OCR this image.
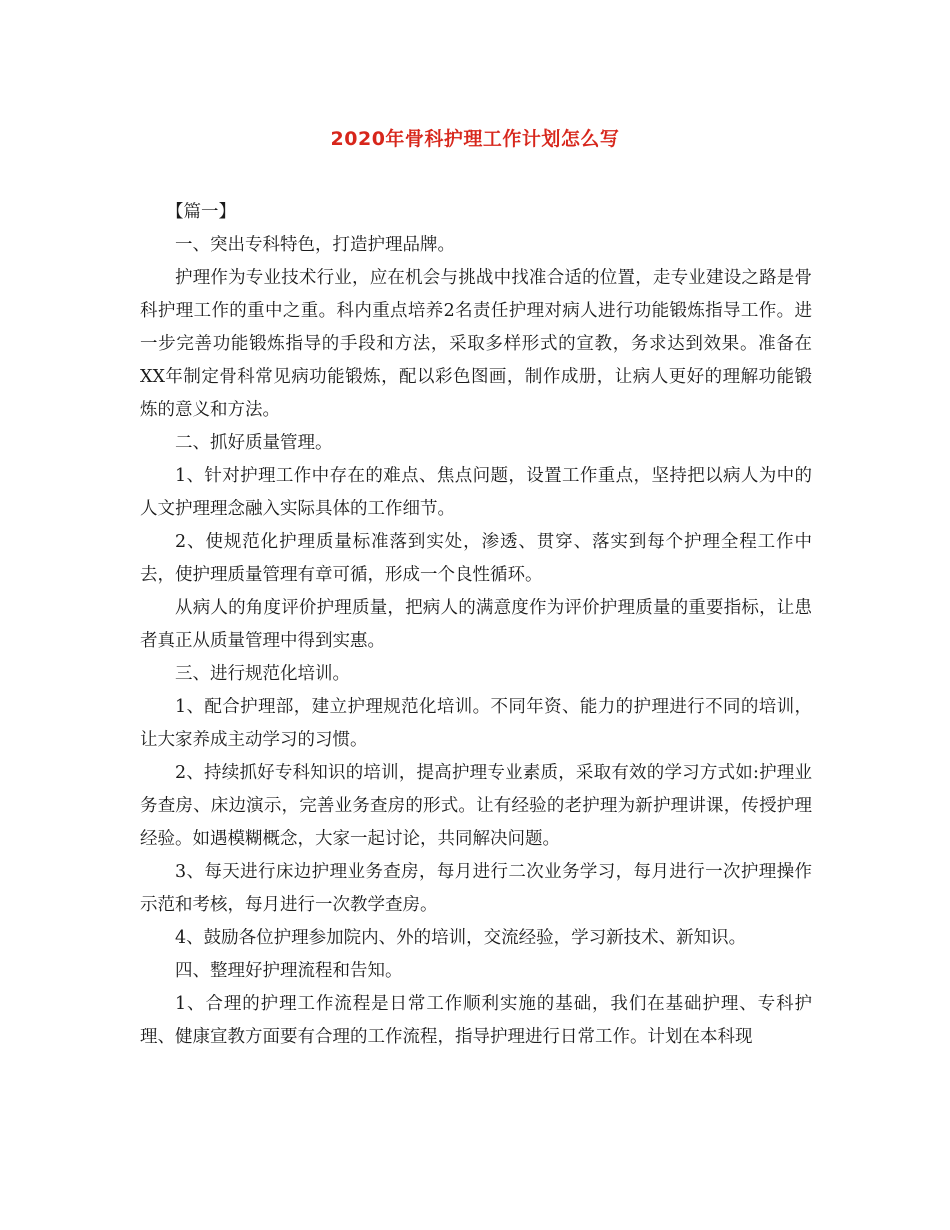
2020年骨科护理工作计划怎么写

【篇一】

一、突出专科特色，打造护理品牌。

护理作为专业技术行业，应在机会与挑战中找准合适的位置，走专业建设之路是骨科护理工作的重中之重。科内重点培养2名责任护理对病人进行功能锻炼指导工作。进一步完善功能锻炼指导的手段和方法，采取多样形式的宣教，务求达到效果。准备在XX年制定骨科常见病功能锻炼，配以彩色图画，制作成册，让病人更好的理解功能锻炼的意义和方法。

二、抓好质量管理。

1、针对护理工作中存在的难点、焦点问题，设置工作重点，坚持把以病人为中的人文护理理念融入实际具体的工作细节。

2、使规范化护理质量标准落到实处，渗透、贯穿、落实到每个护理全程工作中去，使护理质量管理有章可循，形成一个良性循环。

从病人的角度评价护理质量，把病人的满意度作为评价护理质量的重要指标，让患者真正从质量管理中得到实惠。

三、进行规范化培训。

1、配合护理部，建立护理规范化培训。不同年资、能力的护理进行不同的培训，让大家养成主动学习的习惯。

2、持续抓好专科知识的培训，提高护理专业素质，采取有效的学习方式如:护理业务查房、床边演示，完善业务查房的形式。让有经验的老护理为新护理讲课，传授护理经验。如遇模糊概念，大家一起讨论，共同解决问题。

3、每天进行床边护理业务查房，每月进行二次业务学习，每月进行一次护理操作示范和考核，每月进行一次教学查房。

4、鼓励各位护理参加院内、外的培训，交流经验，学习新技术、新知识。

四、整理好护理流程和告知。

1、合理的护理工作流程是日常工作顺利实施的基础，我们在基础护理、专科护理、健康宣教方面要有合理的工作流程，指导护理进行日常工作。计划在本科现
